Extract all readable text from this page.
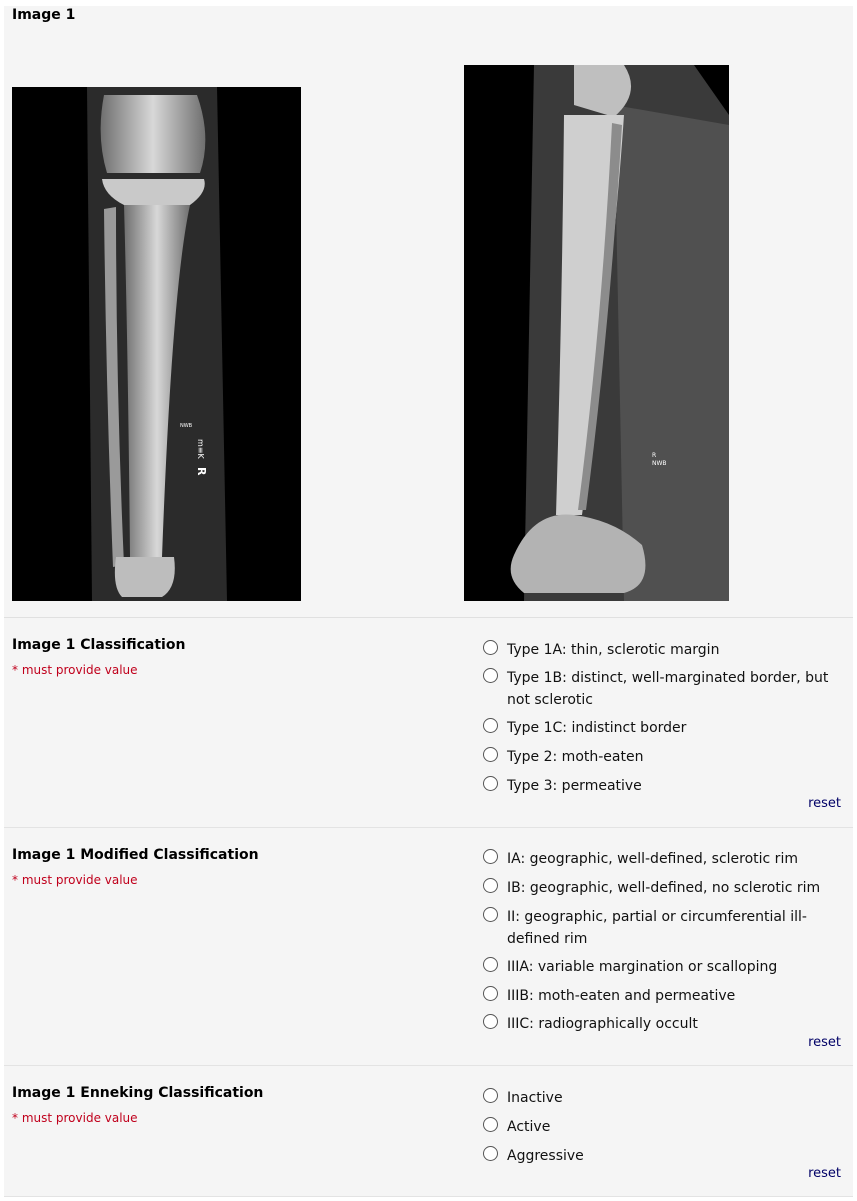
Image 1
NWB
m≡K
R
R
NWB
Image 1 Classification
* must provide value
Type 1A: thin, sclerotic margin
Type 1B: distinct, well-marginated border, but not sclerotic
Type 1C: indistinct border
Type 2: moth-eaten
Type 3: permeative
reset
Image 1 Modified Classification
* must provide value
IA: geographic, well-defined, sclerotic rim
IB: geographic, well-defined, no sclerotic rim
II: geographic, partial or circumferential ill-defined rim
IIIA: variable margination or scalloping
IIIB: moth-eaten and permeative
IIIC: radiographically occult
reset
Image 1 Enneking Classification
* must provide value
Inactive
Active
Aggressive
reset
